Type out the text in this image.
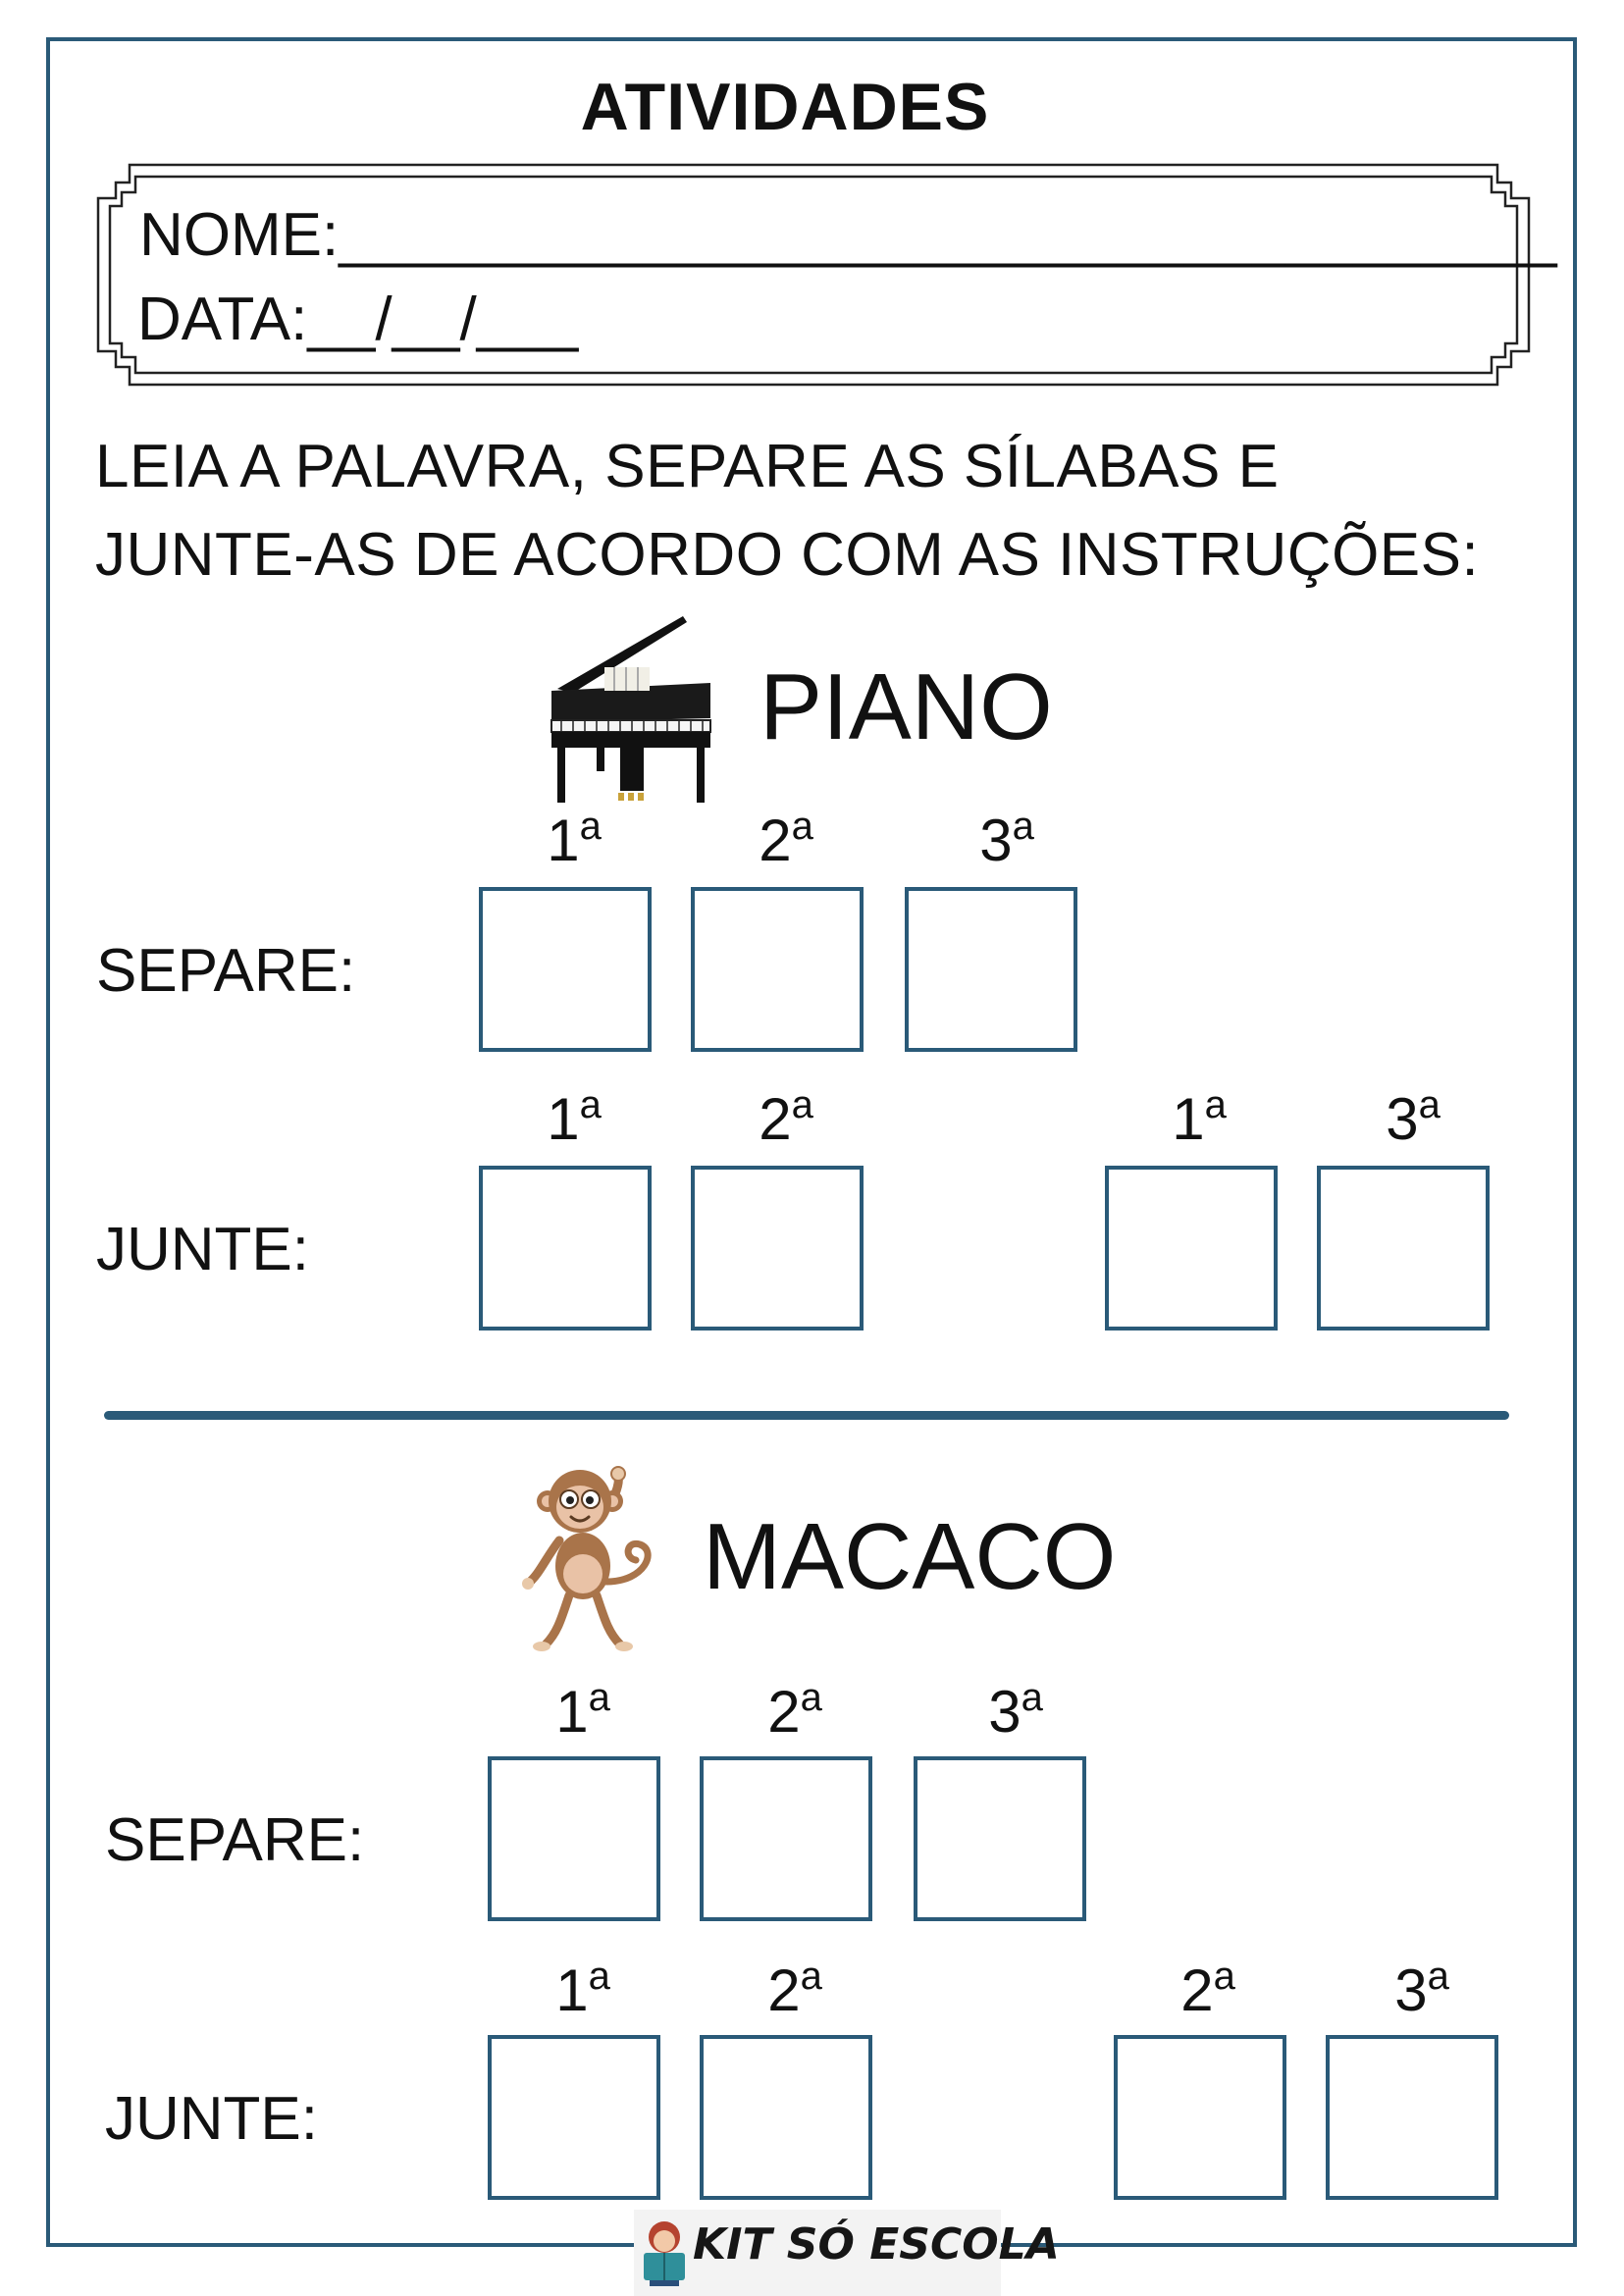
ATIVIDADES
NOME:____________________________________
DATA:__/__/___
LEIA A PALAVRA, SEPARE AS SÍLABAS E
JUNTE-AS DE ACORDO COM AS INSTRUÇÕES:
PIANO
1$^a$	2$^a$	3$^a$
SEPARE:
1$^a$	2$^a$	1$^a$	3$^a$
JUNTE:
MACACO
1$^a$	2$^a$	3$^a$
SEPARE:
1$^a$	2$^a$	2$^a$	3$^a$
JUNTE:
KIT SÓ ESCOLA
